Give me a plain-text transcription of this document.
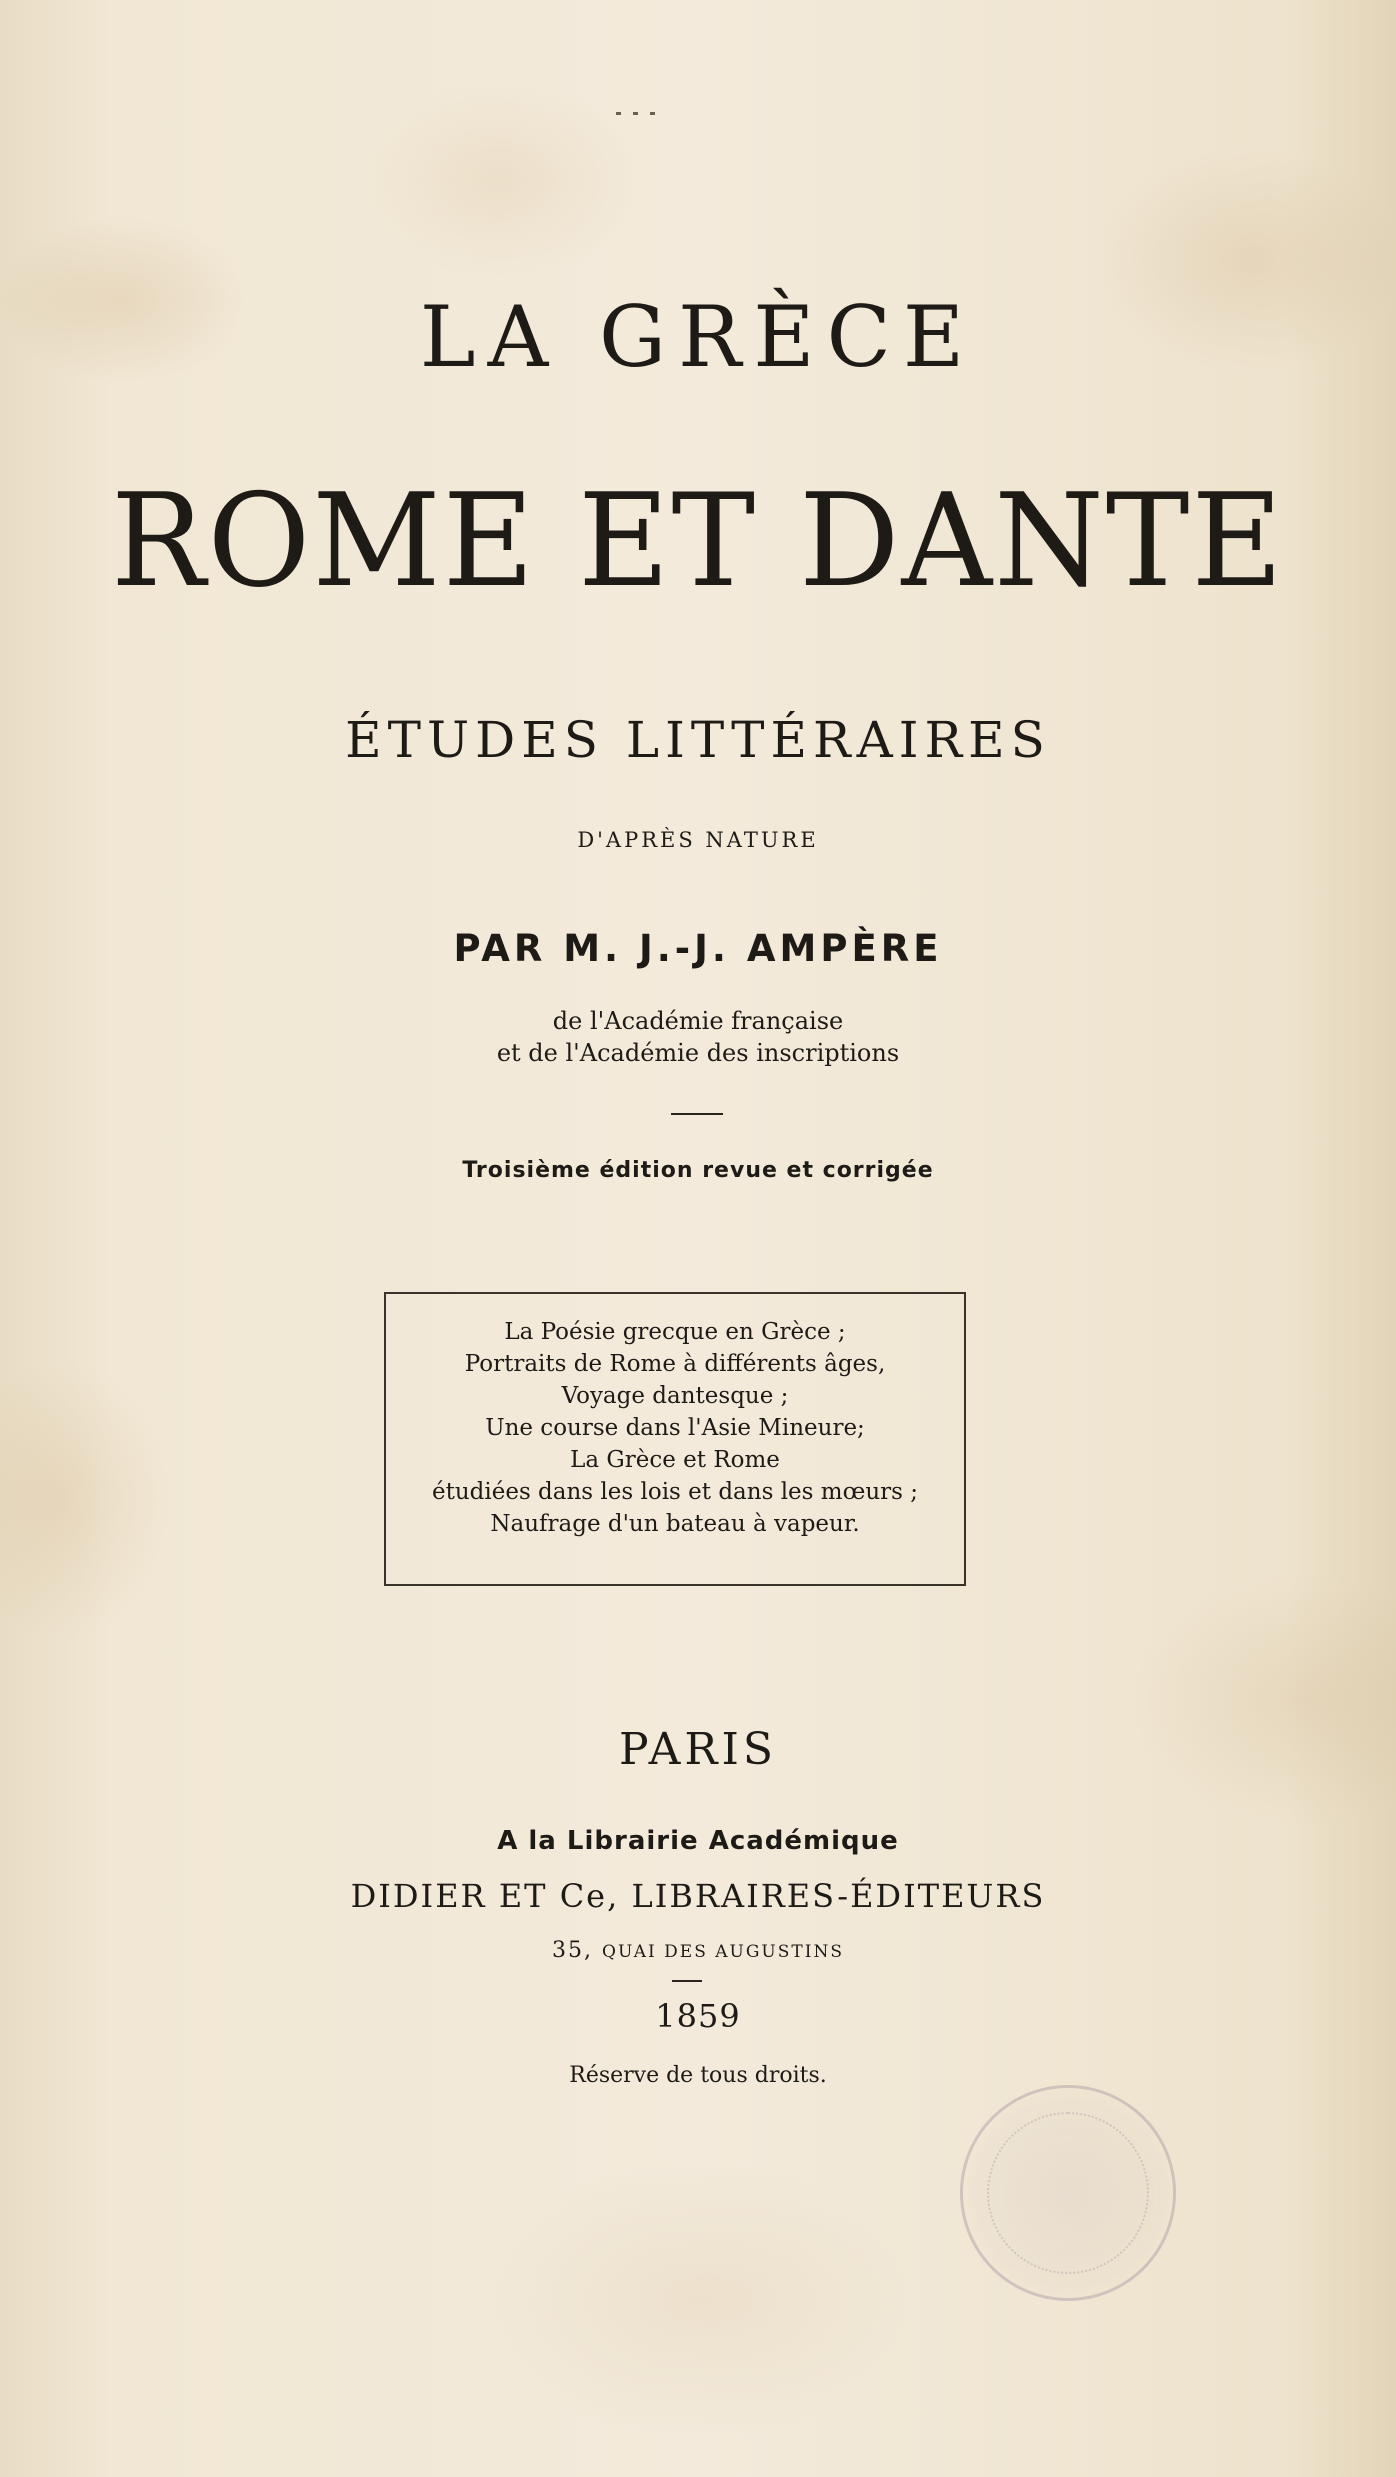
LA GRÈCE
ROME ET DANTE
ÉTUDES LITTÉRAIRES
D'APRÈS NATURE
PAR M. J.-J. AMPÈRE
de l'Académie française
et de l'Académie des inscriptions
Troisième édition revue et corrigée
La Poésie grecque en Grèce ;
Portraits de Rome à différents âges,
Voyage dantesque ;
Une course dans l'Asie Mineure;
La Grèce et Rome
étudiées dans les lois et dans les mœurs ;
Naufrage d'un bateau à vapeur.
PARIS
A la Librairie Académique
DIDIER ET Ce, LIBRAIRES-ÉDITEURS
35, QUAI DES AUGUSTINS
1859
Réserve de tous droits.
